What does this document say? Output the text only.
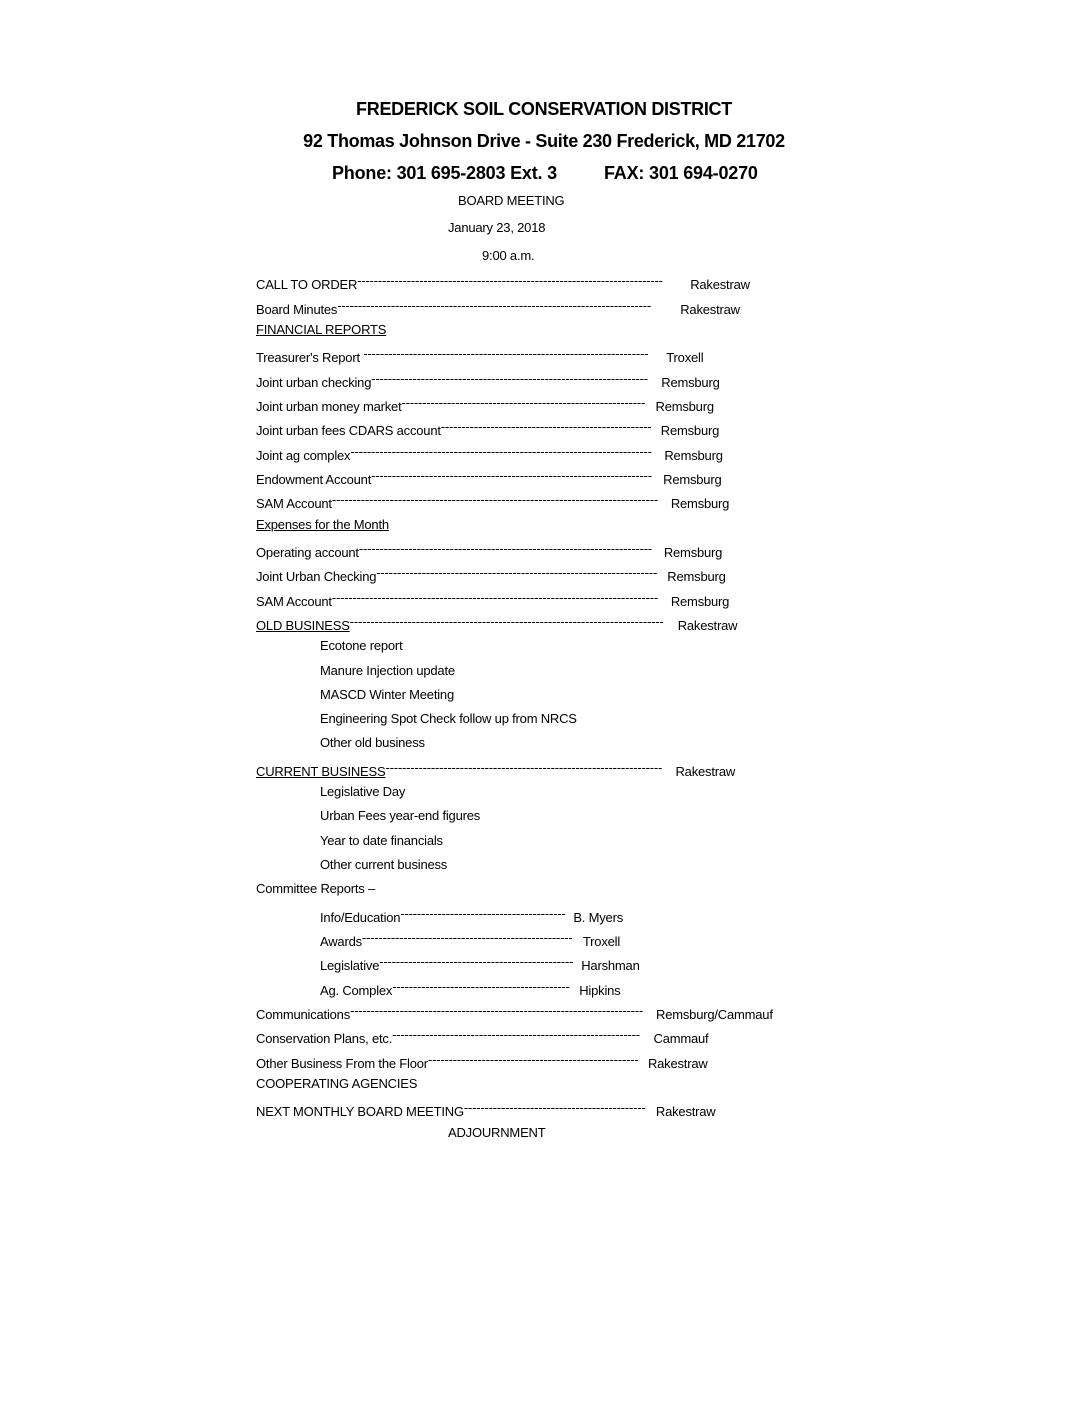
FREDERICK SOIL CONSERVATION DISTRICT
92 Thomas Johnson Drive - Suite 230 Frederick, MD 21702
Phone: 301 695-2803 Ext. 3	FAX: 301 694-0270
BOARD MEETING
January 23, 2018
9:00 a.m.
CALL TO ORDER-------------------------------------------------------------------------- Rakestraw
Board Minutes---------------------------------------------------------------------------- Rakestraw
FINANCIAL REPORTS
Treasurer's Report --------------------------------------------------------------------- Troxell
Joint urban checking------------------------------------------------------------------- Remsburg
Joint urban money market----------------------------------------------------------- Remsburg
Joint urban fees CDARS account--------------------------------------------------- Remsburg
Joint ag complex------------------------------------------------------------------------- Remsburg
Endowment Account-------------------------------------------------------------------- Remsburg
SAM Account------------------------------------------------------------------------------- Remsburg
Expenses for the Month
Operating account----------------------------------------------------------------------- Remsburg
Joint Urban Checking-------------------------------------------------------------------- Remsburg
SAM Account------------------------------------------------------------------------------- Remsburg
OLD BUSINESS---------------------------------------------------------------------------- Rakestraw
Ecotone report
Manure Injection update
MASCD Winter Meeting
Engineering Spot Check follow up from NRCS
Other old business
CURRENT BUSINESS------------------------------------------------------------------- Rakestraw
Legislative Day
Urban Fees year-end figures
Year to date financials
Other current business
Committee Reports –
Info/Education---------------------------------------- B. Myers
Awards--------------------------------------------------- Troxell
Legislative----------------------------------------------- Harshman
Ag. Complex------------------------------------------- Hipkins
Communications----------------------------------------------------------------------- Remsburg/Cammauf
Conservation Plans, etc.------------------------------------------------------------ Cammauf
Other Business From the Floor--------------------------------------------------- Rakestraw
COOPERATING AGENCIES
NEXT MONTHLY BOARD MEETING-------------------------------------------- Rakestraw
ADJOURNMENT
